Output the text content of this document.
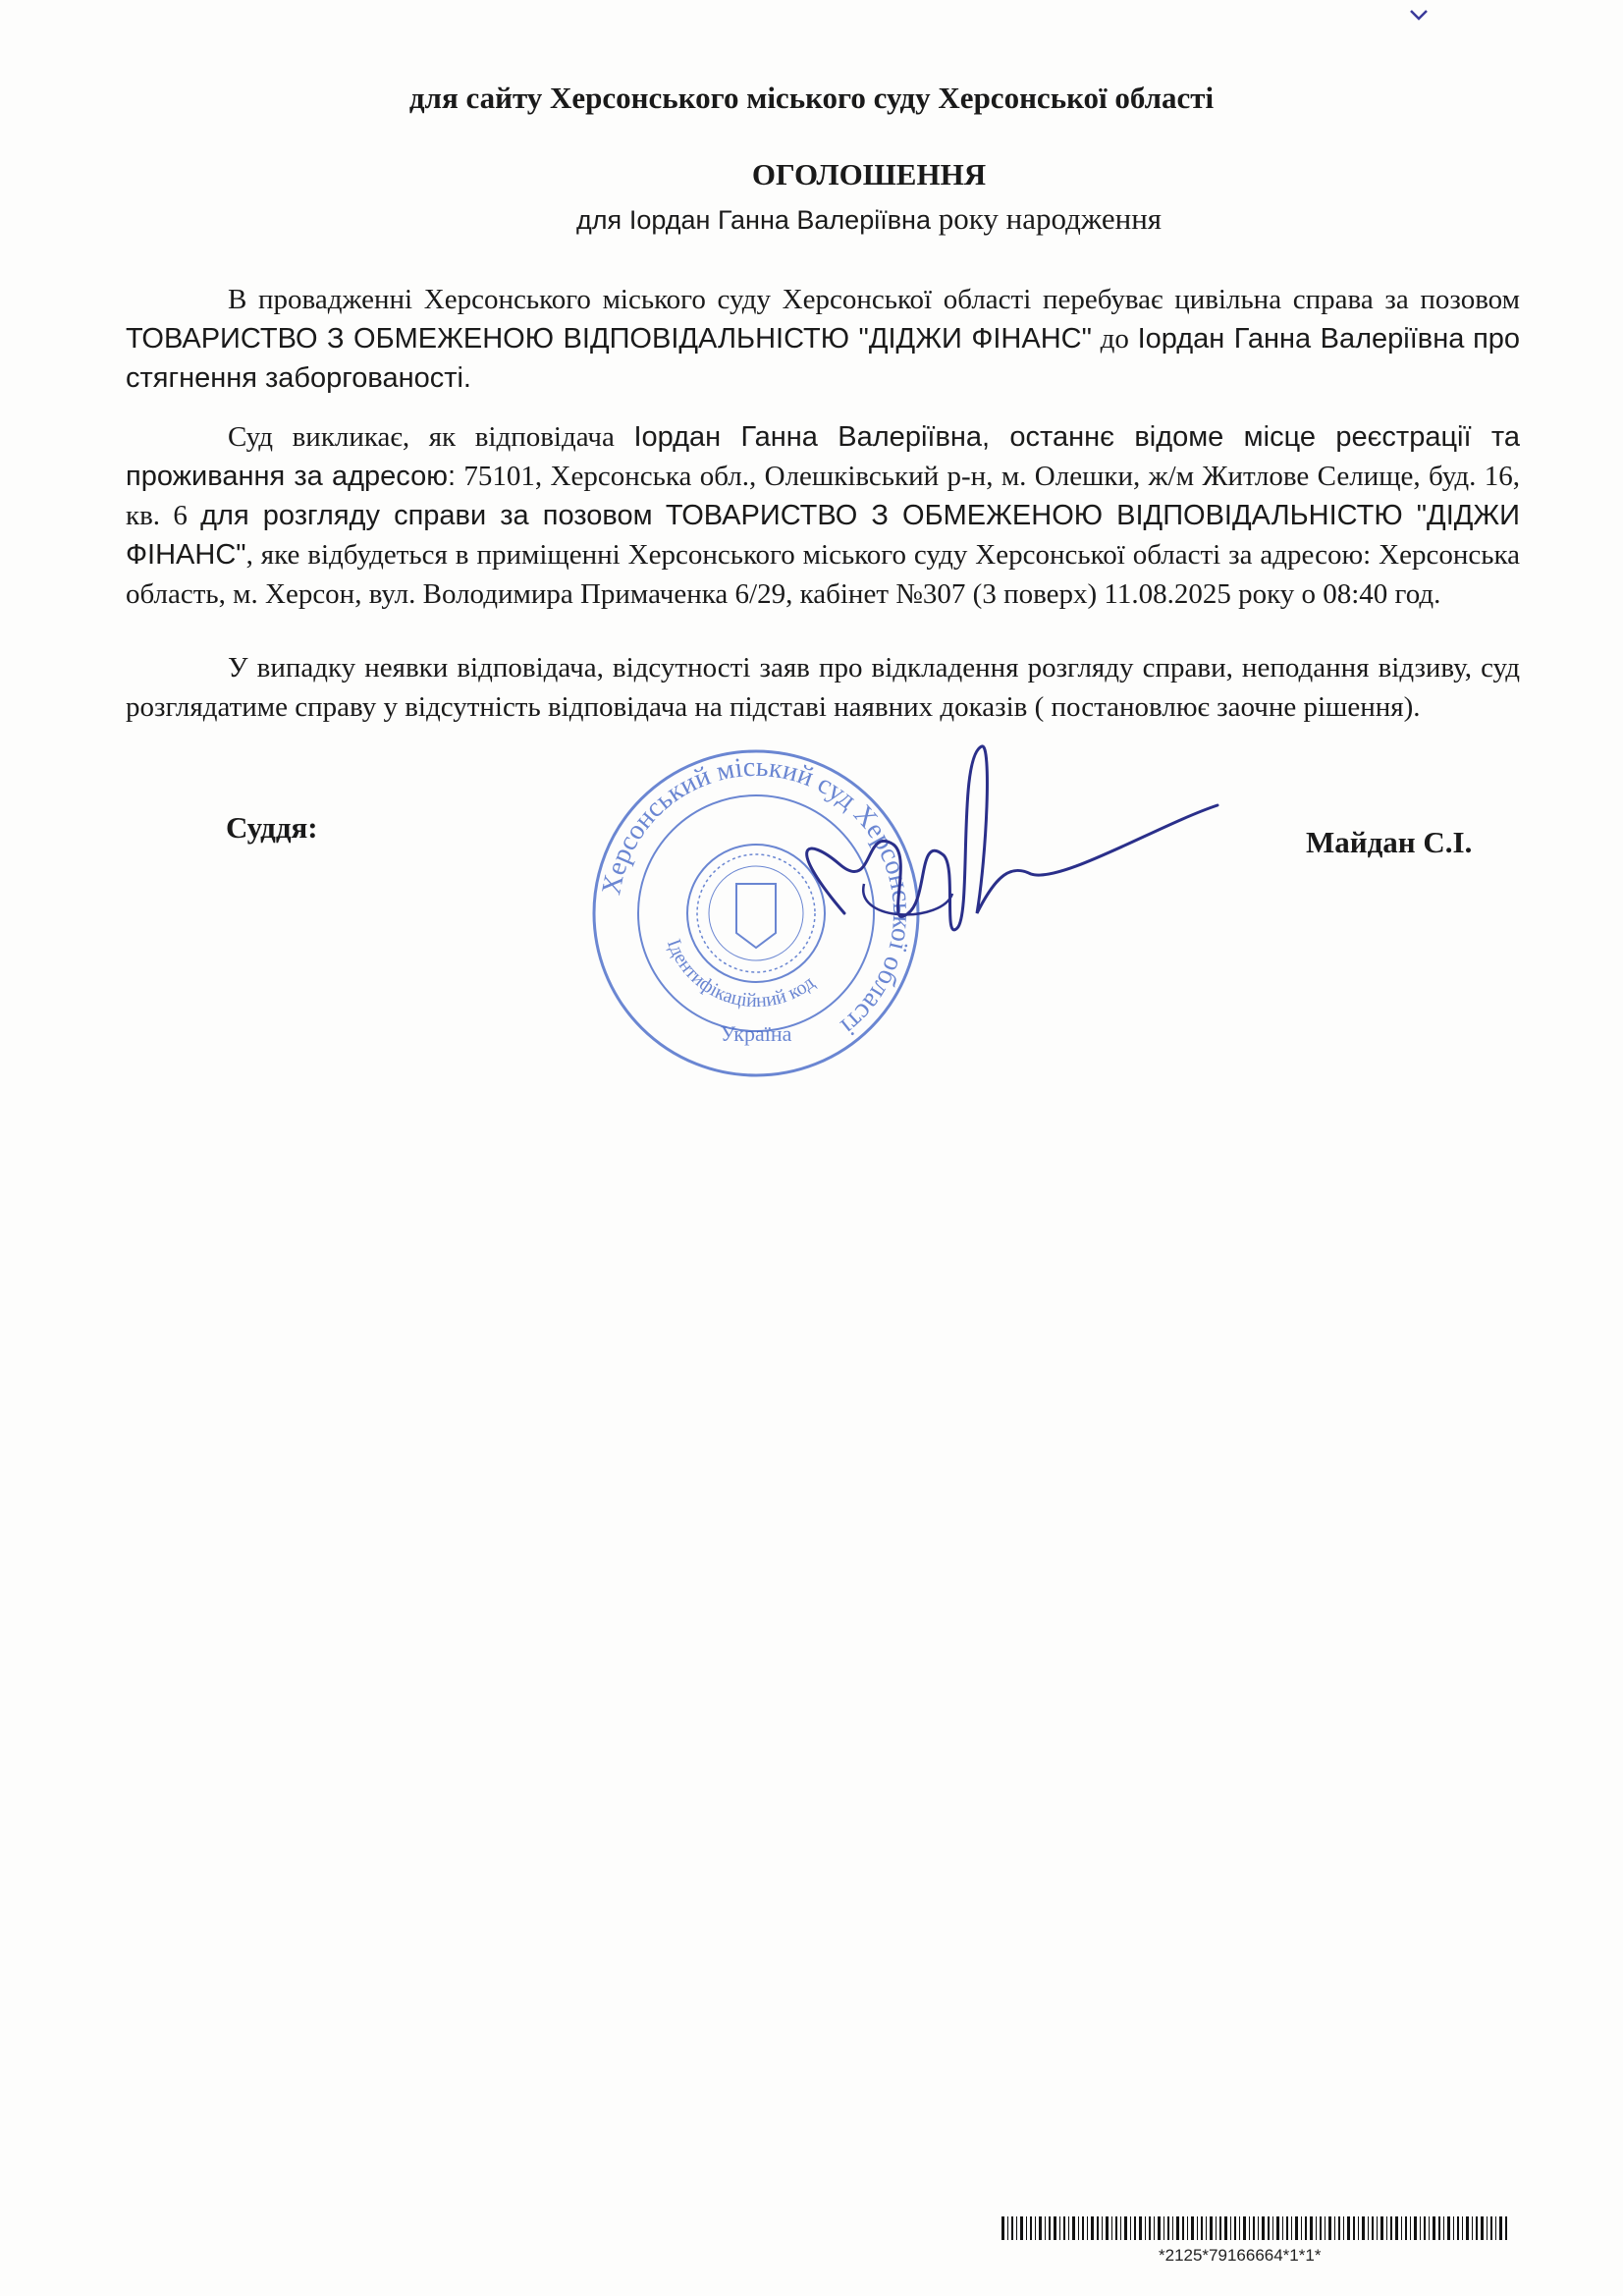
для сайту Херсонського міського суду Херсонської області
ОГОЛОШЕННЯ
для Іордан Ганна Валеріївна року народження

В провадженні Херсонського міського суду Херсонської області перебуває цивільна справа за позовом ТОВАРИСТВО З ОБМЕЖЕНОЮ ВІДПОВІДАЛЬНІСТЮ "ДІДЖИ ФІНАНС" до Іордан Ганна Валеріївна про стягнення заборгованості.

Суд викликає, як відповідача Іордан Ганна Валеріївна, останнє відоме місце реєстрації та проживання за адресою: 75101, Херсонська обл., Олешківський р-н, м. Олешки, ж/м Житлове Селище, буд. 16, кв. 6 для розгляду справи за позовом ТОВАРИСТВО З ОБМЕЖЕНОЮ ВІДПОВІДАЛЬНІСТЮ "ДІДЖИ ФІНАНС", яке відбудеться в приміщенні Херсонського міського суду Херсонської області за адресою: Херсонська область, м. Херсон, вул. Володимира Примаченка 6/29, кабінет №307 (3 поверх) 11.08.2025 року о 08:40 год.

У випадку неявки відповідача, відсутності заяв про відкладення розгляду справи, неподання відзиву, суд розглядатиме справу у відсутність відповідача на підставі наявних доказів ( постановлює заочне рішення).

Суддя:
Херсонський міський суд Херсонської області
Ідентифікаційний код
Україна
Майдан С.І.
*2125*79166664*1*1*
